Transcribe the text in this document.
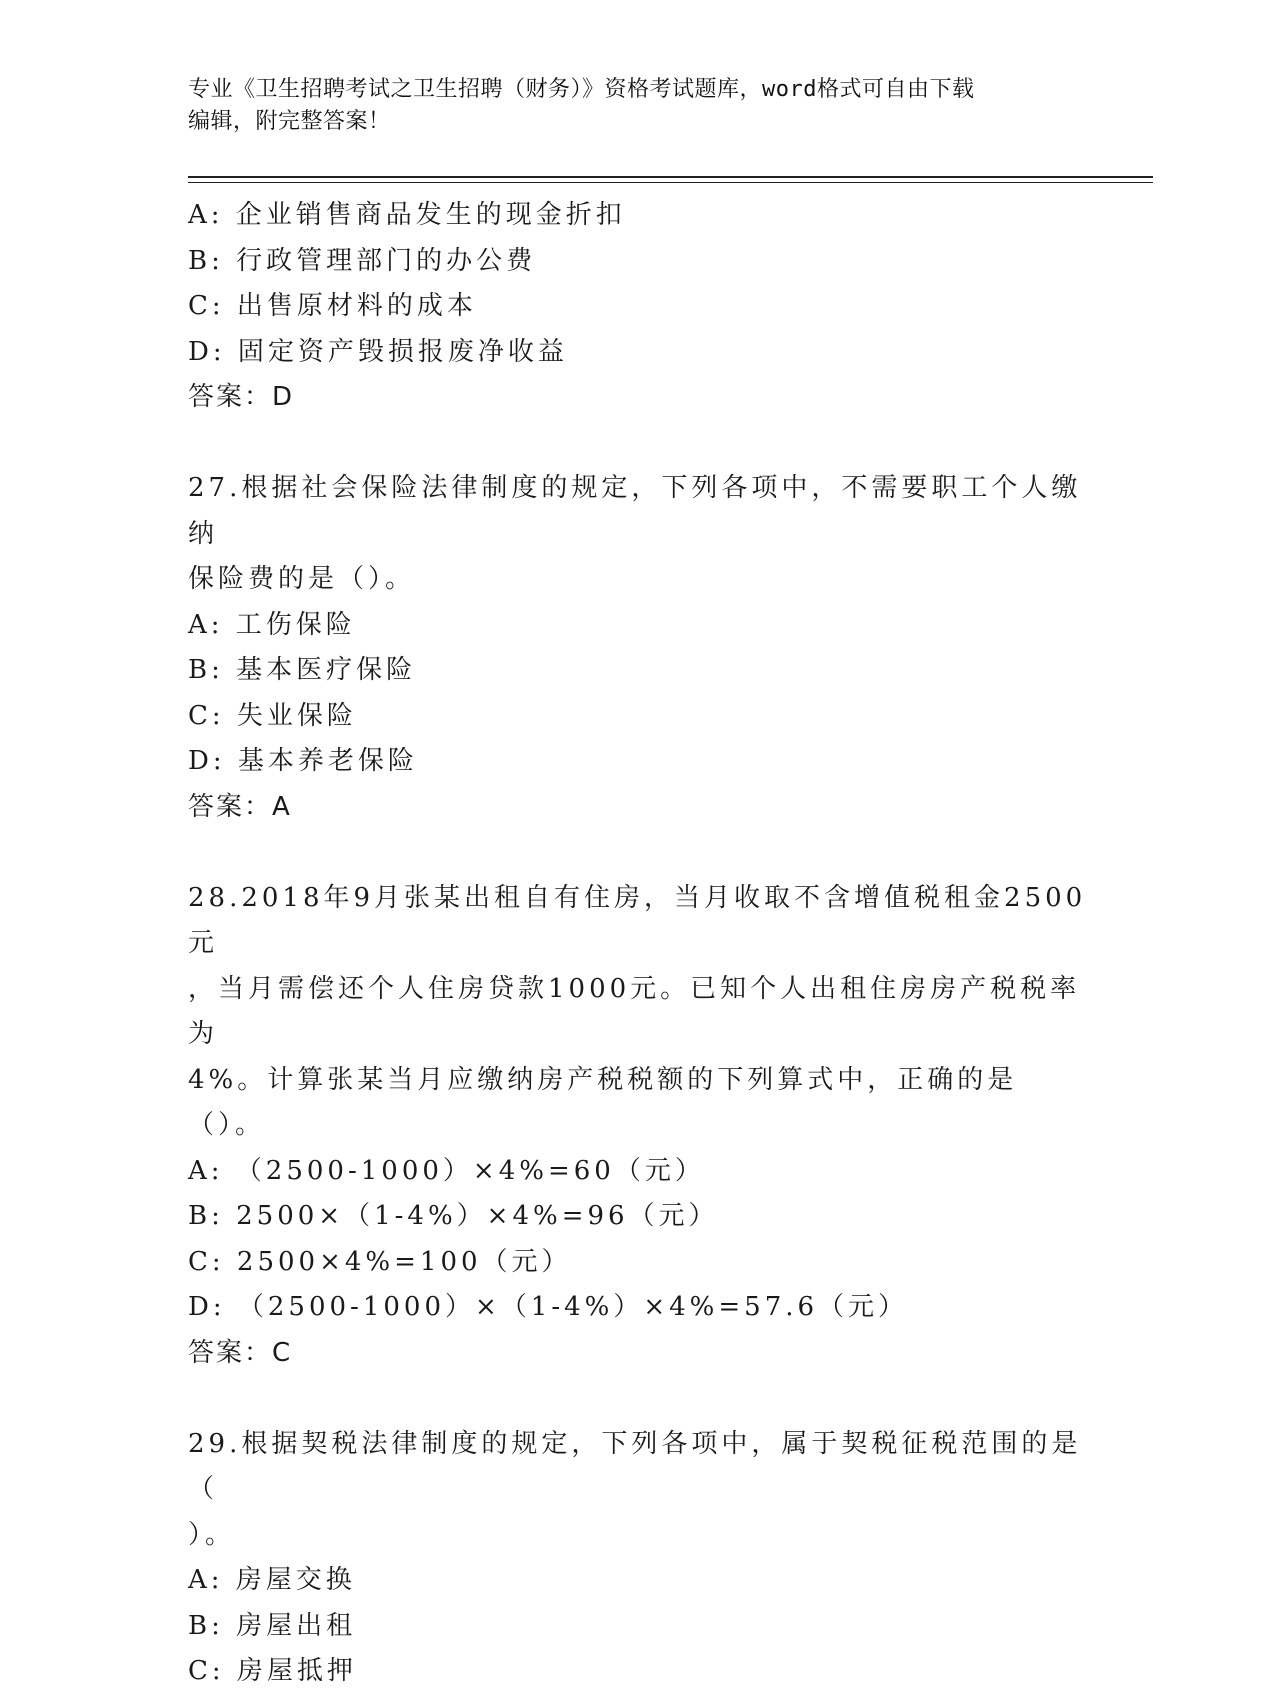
专业《卫生招聘考试之卫生招聘（财务）》资格考试题库，word格式可自由下载
编辑，附完整答案！
A: 企业销售商品发生的现金折扣
B: 行政管理部门的办公费
C: 出售原材料的成本
D: 固定资产毁损报废净收益
答案：D
27.根据社会保险法律制度的规定，下列各项中，不需要职工个人缴纳
保险费的是（）。
A: 工伤保险
B: 基本医疗保险
C: 失业保险
D: 基本养老保险
答案：A
28.2018年9月张某出租自有住房，当月收取不含增值税租金2500元
，当月需偿还个人住房贷款1000元。已知个人出租住房房产税税率为
4%。计算张某当月应缴纳房产税税额的下列算式中，正确的是（）。
A: （2500-1000）×4%=60（元）
B: 2500×（1-4%）×4%=96（元）
C: 2500×4%=100（元）
D: （2500-1000）×（1-4%）×4%=57.6（元）
答案：C
29.根据契税法律制度的规定，下列各项中，属于契税征税范围的是（
）。
A: 房屋交换
B: 房屋出租
C: 房屋抵押
